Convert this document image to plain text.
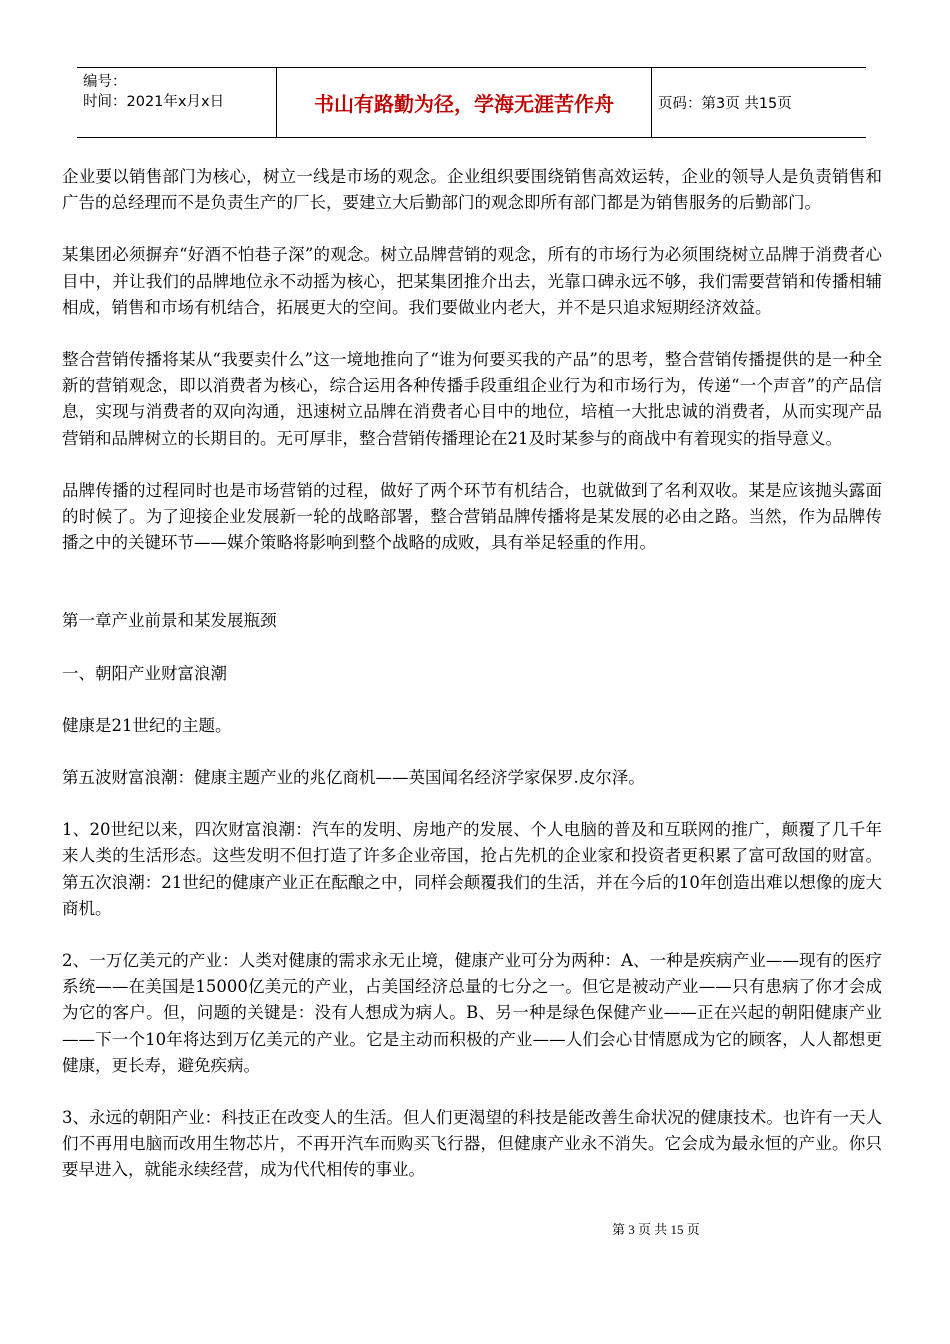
编号：
时间：2021年x月x日	书山有路勤为径，学海无涯苦作舟	页码：第3页 共15页

企业要以销售部门为核心，树立一线是市场的观念。企业组织要围绕销售高效运转，企业的领导人是负责销售和广告的总经理而不是负责生产的厂长，要建立大后勤部门的观念即所有部门都是为销售服务的后勤部门。

某集团必须摒弃“好酒不怕巷子深”的观念。树立品牌营销的观念，所有的市场行为必须围绕树立品牌于消费者心目中，并让我们的品牌地位永不动摇为核心，把某集团推介出去，光靠口碑永远不够，我们需要营销和传播相辅相成，销售和市场有机结合，拓展更大的空间。我们要做业内老大，并不是只追求短期经济效益。

整合营销传播将某从“我要卖什么”这一境地推向了“谁为何要买我的产品”的思考，整合营销传播提供的是一种全新的营销观念，即以消费者为核心，综合运用各种传播手段重组企业行为和市场行为，传递“一个声音”的产品信息，实现与消费者的双向沟通，迅速树立品牌在消费者心目中的地位，培植一大批忠诚的消费者，从而实现产品营销和品牌树立的长期目的。无可厚非，整合营销传播理论在21及时某参与的商战中有着现实的指导意义。

品牌传播的过程同时也是市场营销的过程，做好了两个环节有机结合，也就做到了名利双收。某是应该抛头露面的时候了。为了迎接企业发展新一轮的战略部署，整合营销品牌传播将是某发展的必由之路。当然，作为品牌传播之中的关键环节——媒介策略将影响到整个战略的成败，具有举足轻重的作用。

第一章产业前景和某发展瓶颈

一、朝阳产业财富浪潮

健康是21世纪的主题。

第五波财富浪潮：健康主题产业的兆亿商机——英国闻名经济学家保罗.皮尔泽。

1、20世纪以来，四次财富浪潮：汽车的发明、房地产的发展、个人电脑的普及和互联网的推广，颠覆了几千年来人类的生活形态。这些发明不但打造了许多企业帝国，抢占先机的企业家和投资者更积累了富可敌国的财富。第五次浪潮：21世纪的健康产业正在酝酿之中，同样会颠覆我们的生活，并在今后的10年创造出难以想像的庞大商机。

2、一万亿美元的产业：人类对健康的需求永无止境，健康产业可分为两种：A、一种是疾病产业——现有的医疗系统——在美国是15000亿美元的产业，占美国经济总量的七分之一。但它是被动产业——只有患病了你才会成为它的客户。但，问题的关键是：没有人想成为病人。B、另一种是绿色保健产业——正在兴起的朝阳健康产业——下一个10年将达到万亿美元的产业。它是主动而积极的产业——人们会心甘情愿成为它的顾客，人人都想更健康，更长寿，避免疾病。

3、永远的朝阳产业：科技正在改变人的生活。但人们更渴望的科技是能改善生命状况的健康技术。也许有一天人们不再用电脑而改用生物芯片，不再开汽车而购买飞行器，但健康产业永不消失。它会成为最永恒的产业。你只要早进入，就能永续经营，成为代代相传的事业。

第 3 页 共 15 页
